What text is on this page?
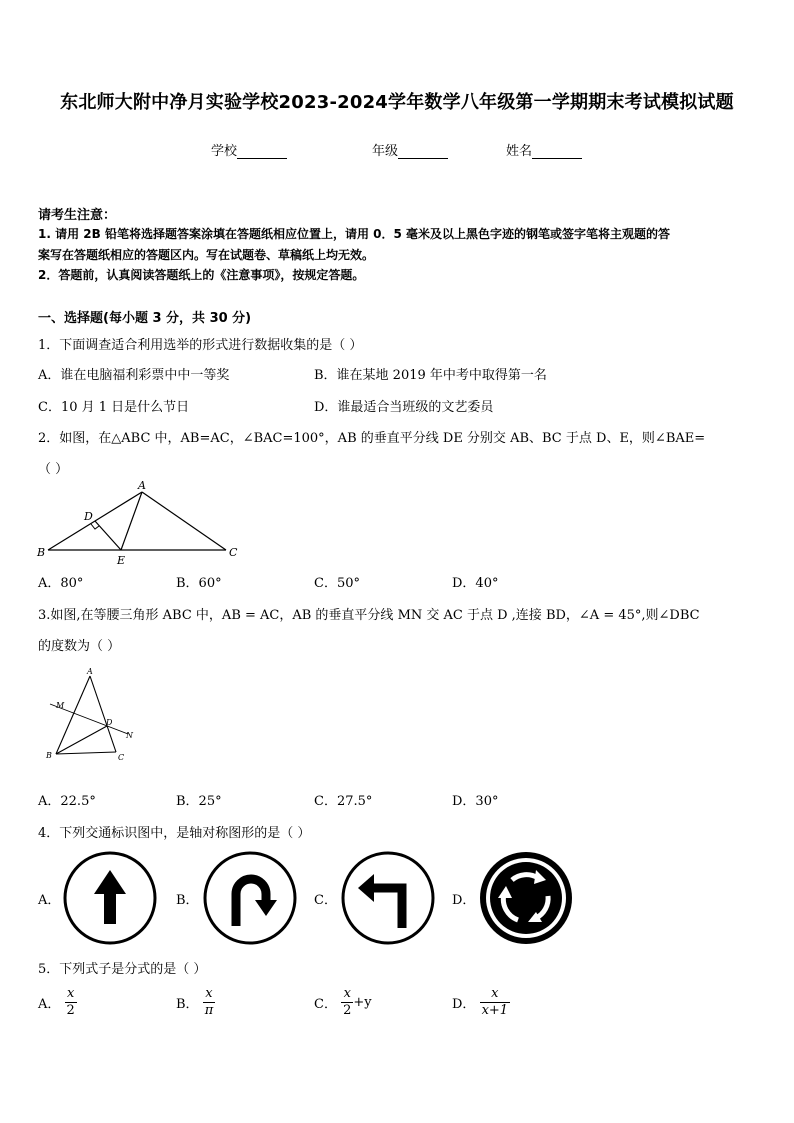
东北师大附中净月实验学校2023-2024学年数学八年级第一学期期末考试模拟试题
学校	年级	姓名
请考生注意：
1. 请用 2B 铅笔将选择题答案涂填在答题纸相应位置上，请用 0．5 毫米及以上黑色字迹的钢笔或签字笔将主观题的答
案写在答题纸相应的答题区内。写在试题卷、草稿纸上均无效。
2．答题前，认真阅读答题纸上的《注意事项》，按规定答题。
一、选择题(每小题 3 分，共 30 分)
1．下面调查适合利用选举的形式进行数据收集的是（ ）
A．谁在电脑福利彩票中中一等奖	B．谁在某地 2019 年中考中取得第一名
C．10 月 1 日是什么节日	D．谁最适合当班级的文艺委员
2．如图，在△ABC 中，AB=AC，∠BAC=100°，AB 的垂直平分线 DE 分别交 AB、BC 于点 D、E，则∠BAE=
（ ）
A
D
B
E
C
A．80°	B．60°	C．50°	D．40°
3.如图,在等腰三角形 ABC 中，AB = AC，AB 的垂直平分线 MN 交 AC 于点 D ,连接 BD，∠A = 45°,则∠DBC
的度数为（ ）
A
M
D
N
B	C
A．22.5°	B．25°	C．27.5°	D．30°
4．下列交通标识图中，是轴对称图形的是（ ）
A．	B．	C．	D．
5．下列式子是分式的是（ ）
A． $\frac{x}{2}$	B． $\frac{x}{\pi}$	C． $\frac{x}{2} +y$	D． $\frac{x}{x+1}$
